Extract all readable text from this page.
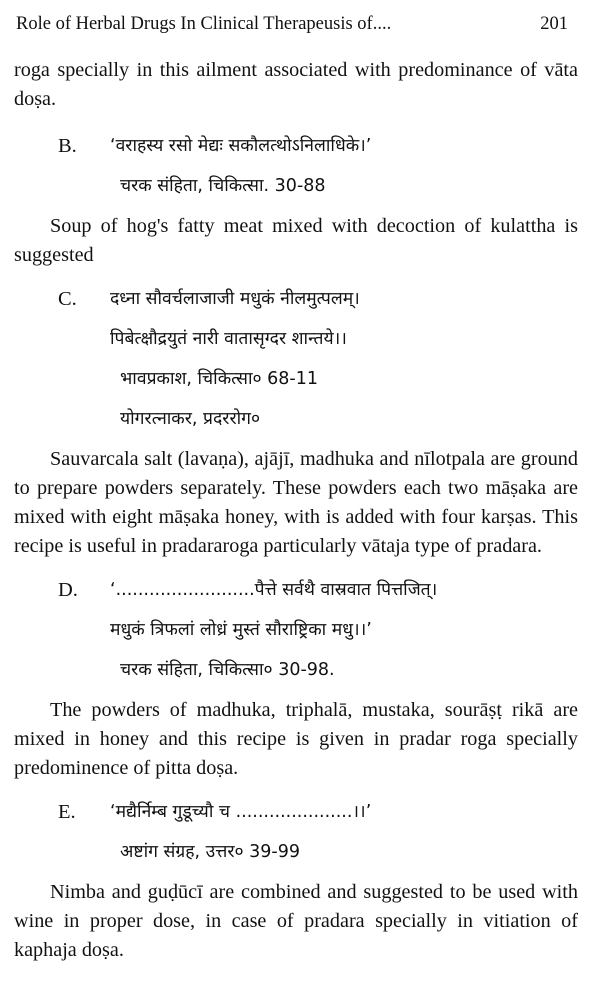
Role of Herbal Drugs In Clinical Therapeusis of....	201

roga specially in this ailment associated with predominance of vāta doṣa.

B. ‘वराहस्य रसो मेद्यः सकौलत्थोऽनिलाधिके।’
चरक संहिता, चिकित्सा. 30-88

Soup of hog's fatty meat mixed with decoction of kulattha is suggested

C. दध्ना सौवर्चलाजाजी मधुकं नीलमुत्पलम्।
पिबेत्क्षौद्रयुतं नारी वातासृग्दर शान्तये।।
भावप्रकाश, चिकित्सा० 68-11
योगरत्नाकर, प्रदररोग०

Sauvarcala salt (lavaṇa), ajājī, madhuka and nīlotpala are ground to prepare powders separately. These powders each two māṣaka are mixed with eight māṣaka honey, with is added with four karṣas. This recipe is useful in pradararoga particularly vātaja type of pradara.

D. ‘.........................पैत्ते सर्वथै वास्रवात पित्तजित्।
मधुकं त्रिफलां लोध्रं मुस्तं सौराष्ट्रिका मधु।।’
चरक संहिता, चिकित्सा० 30-98.

The powders of madhuka, triphalā, mustaka, sourāṣṭ rikā are mixed in honey and this recipe is given in pradar roga specially predominence of pitta doṣa.

E. ‘मद्यैर्निम्ब गुडूच्यौ च .....................।।’
अष्टांग संग्रह, उत्तर० 39-99

Nimba and guḍūcī are combined and suggested to be used with wine in proper dose, in case of pradara specially in vitiation of kaphaja doṣa.
